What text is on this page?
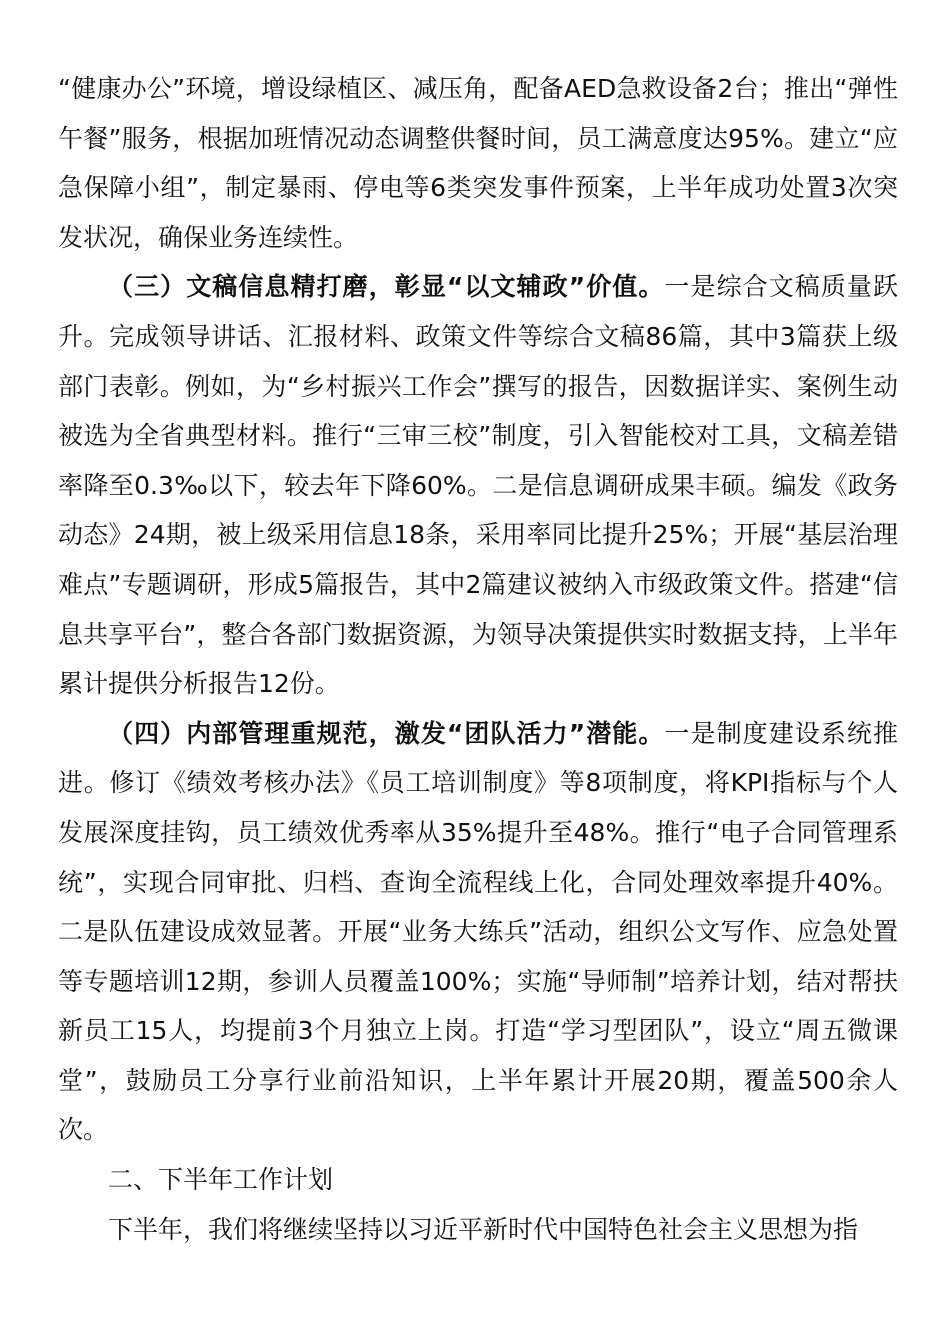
“健康办公”环境，增设绿植区、减压角，配备AED急救设备2台；推出“弹性午餐”服务，根据加班情况动态调整供餐时间，员工满意度达95%。建立“应急保障小组”，制定暴雨、停电等6类突发事件预案，上半年成功处置3次突发状况，确保业务连续性。

（三）文稿信息精打磨，彰显“以文辅政”价值。一是综合文稿质量跃升。完成领导讲话、汇报材料、政策文件等综合文稿86篇，其中3篇获上级部门表彰。例如，为“乡村振兴工作会”撰写的报告，因数据详实、案例生动被选为全省典型材料。推行“三审三校”制度，引入智能校对工具，文稿差错率降至0.3‰以下，较去年下降60%。二是信息调研成果丰硕。编发《政务动态》24期，被上级采用信息18条，采用率同比提升25%；开展“基层治理难点”专题调研，形成5篇报告，其中2篇建议被纳入市级政策文件。搭建“信息共享平台”，整合各部门数据资源，为领导决策提供实时数据支持，上半年累计提供分析报告12份。

（四）内部管理重规范，激发“团队活力”潜能。一是制度建设系统推进。修订《绩效考核办法》《员工培训制度》等8项制度，将KPI指标与个人发展深度挂钩，员工绩效优秀率从35%提升至48%。推行“电子合同管理系统”，实现合同审批、归档、查询全流程线上化，合同处理效率提升40%。二是队伍建设成效显著。开展“业务大练兵”活动，组织公文写作、应急处置等专题培训12期，参训人员覆盖100%；实施“导师制”培养计划，结对帮扶新员工15人，均提前3个月独立上岗。打造“学习型团队”，设立“周五微课堂”，鼓励员工分享行业前沿知识，上半年累计开展20期，覆盖500余人次。

二、下半年工作计划

下半年，我们将继续坚持以习近平新时代中国特色社会主义思想为指
